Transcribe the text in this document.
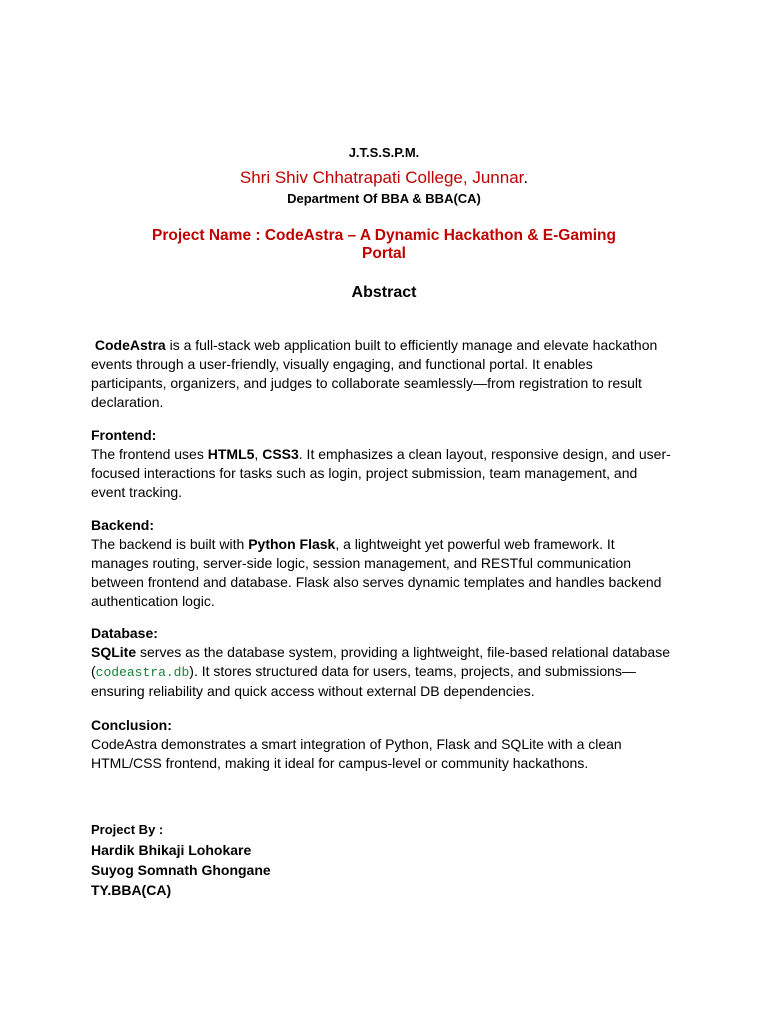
J.T.S.S.P.M.
Shri Shiv Chhatrapati College, Junnar.
Department Of BBA & BBA(CA)
Project Name : CodeAstra – A Dynamic Hackathon & E-Gaming
Portal
Abstract

CodeAstra is a full-stack web application built to efficiently manage and elevate hackathon events through a user-friendly, visually engaging, and functional portal. It enables participants, organizers, and judges to collaborate seamlessly—from registration to result declaration.

Frontend:

The frontend uses HTML5, CSS3. It emphasizes a clean layout, responsive design, and user-focused interactions for tasks such as login, project submission, team management, and event tracking.

Backend:

The backend is built with Python Flask, a lightweight yet powerful web framework. It manages routing, server-side logic, session management, and RESTful communication between frontend and database. Flask also serves dynamic templates and handles backend authentication logic.

Database:

SQLite serves as the database system, providing a lightweight, file-based relational database (codeastra.db). It stores structured data for users, teams, projects, and submissions—ensuring reliability and quick access without external DB dependencies.

Conclusion:

CodeAstra demonstrates a smart integration of Python, Flask and SQLite with a clean HTML/CSS frontend, making it ideal for campus-level or community hackathons.

Project By :
Hardik Bhikaji Lohokare
Suyog Somnath Ghongane
TY.BBA(CA)
